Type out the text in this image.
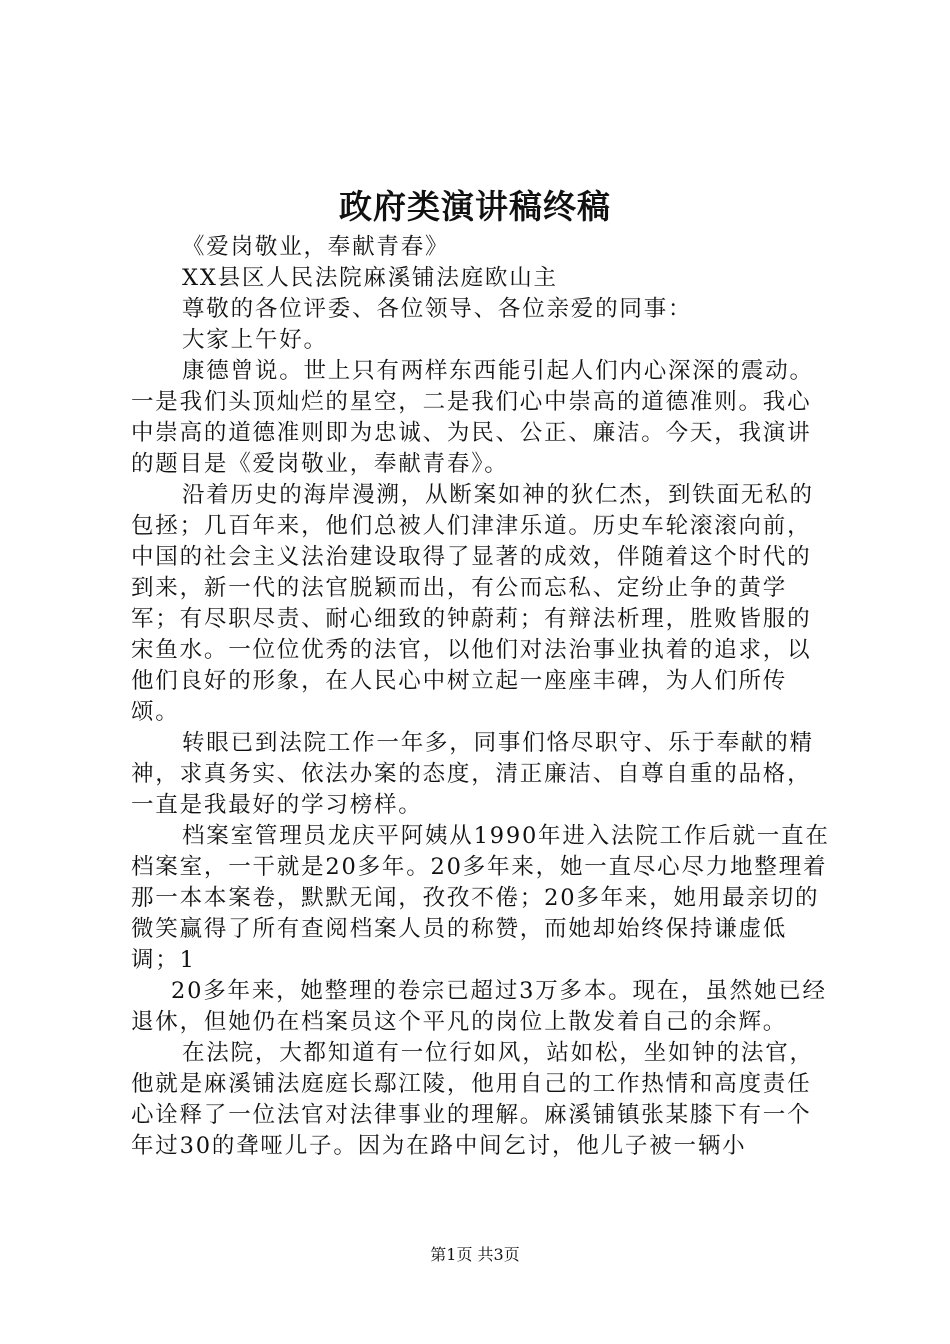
政府类演讲稿终稿

《爱岗敬业，奉献青春》

XX县区人民法院麻溪铺法庭欧山主

尊敬的各位评委、各位领导、各位亲爱的同事：

大家上午好。

康德曾说。世上只有两样东西能引起人们内心深深的震动。一是我们头顶灿烂的星空，二是我们心中崇高的道德准则。我心中崇高的道德准则即为忠诚、为民、公正、廉洁。今天，我演讲的题目是《爱岗敬业，奉献青春》。

沿着历史的海岸漫溯，从断案如神的狄仁杰，到铁面无私的包拯；几百年来，他们总被人们津津乐道。历史车轮滚滚向前，中国的社会主义法治建设取得了显著的成效，伴随着这个时代的到来，新一代的法官脱颖而出，有公而忘私、定纷止争的黄学军；有尽职尽责、耐心细致的钟蔚莉；有辩法析理，胜败皆服的宋鱼水。一位位优秀的法官，以他们对法治事业执着的追求，以他们良好的形象，在人民心中树立起一座座丰碑，为人们所传颂。

转眼已到法院工作一年多，同事们恪尽职守、乐于奉献的精神，求真务实、依法办案的态度，清正廉洁、自尊自重的品格，一直是我最好的学习榜样。

档案室管理员龙庆平阿姨从1990年进入法院工作后就一直在档案室，一干就是20多年。20多年来，她一直尽心尽力地整理着那一本本案卷，默默无闻，孜孜不倦；20多年来，她用最亲切的微笑赢得了所有查阅档案人员的称赞，而她却始终保持谦虚低调；1

20多年来，她整理的卷宗已超过3万多本。现在，虽然她已经退休，但她仍在档案员这个平凡的岗位上散发着自己的余辉。

在法院，大都知道有一位行如风，站如松，坐如钟的法官，他就是麻溪铺法庭庭长鄢江陵，他用自己的工作热情和高度责任心诠释了一位法官对法律事业的理解。麻溪铺镇张某膝下有一个年过30的聋哑儿子。因为在路中间乞讨，他儿子被一辆小

第1页 共3页
